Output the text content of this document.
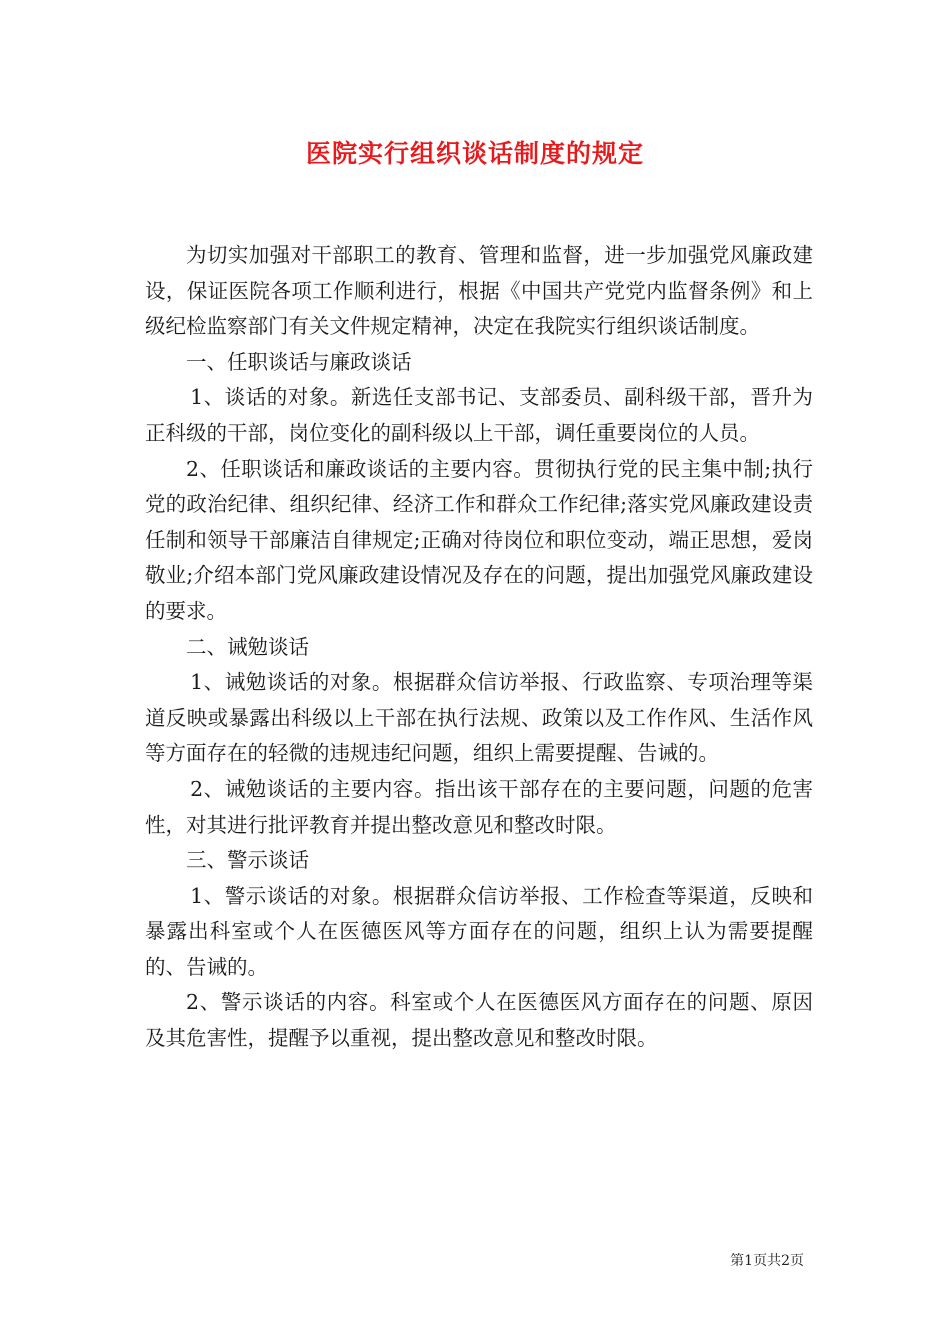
医院实行组织谈话制度的规定

为切实加强对干部职工的教育、管理和监督，进一步加强党风廉政建设，保证医院各项工作顺利进行，根据《中国共产党党内监督条例》和上级纪检监察部门有关文件规定精神，决定在我院实行组织谈话制度。

一、任职谈话与廉政谈话

1、谈话的对象。新选任支部书记、支部委员、副科级干部，晋升为正科级的干部，岗位变化的副科级以上干部，调任重要岗位的人员。

2、任职谈话和廉政谈话的主要内容。贯彻执行党的民主集中制;执行党的政治纪律、组织纪律、经济工作和群众工作纪律;落实党风廉政建设责任制和领导干部廉洁自律规定;正确对待岗位和职位变动，端正思想，爱岗敬业;介绍本部门党风廉政建设情况及存在的问题，提出加强党风廉政建设的要求。

二、诫勉谈话

1、诫勉谈话的对象。根据群众信访举报、行政监察、专项治理等渠道反映或暴露出科级以上干部在执行法规、政策以及工作作风、生活作风等方面存在的轻微的违规违纪问题，组织上需要提醒、告诫的。

2、诫勉谈话的主要内容。指出该干部存在的主要问题，问题的危害性，对其进行批评教育并提出整改意见和整改时限。

三、警示谈话

1、警示谈话的对象。根据群众信访举报、工作检查等渠道，反映和暴露出科室或个人在医德医风等方面存在的问题，组织上认为需要提醒的、告诫的。

2、警示谈话的内容。科室或个人在医德医风方面存在的问题、原因及其危害性，提醒予以重视，提出整改意见和整改时限。

第1页共2页
